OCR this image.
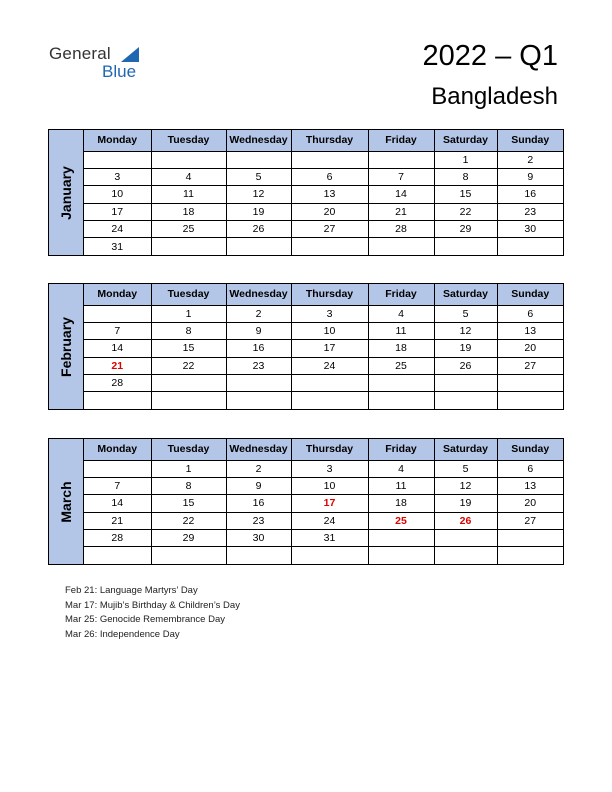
General
Blue	2022 – Q1
Bangladesh
January
Monday	Tuesday	Wednesday	Thursday	Friday	Saturday	Sunday
					1	2
3	4	5	6	7	8	9
10	11	12	13	14	15	16
17	18	19	20	21	22	23
24	25	26	27	28	29	30
31						
February
Monday	Tuesday	Wednesday	Thursday	Friday	Saturday	Sunday
	1	2	3	4	5	6
7	8	9	10	11	12	13
14	15	16	17	18	19	20
21	22	23	24	25	26	27
28						

March
Monday	Tuesday	Wednesday	Thursday	Friday	Saturday	Sunday
	1	2	3	4	5	6
7	8	9	10	11	12	13
14	15	16	17	18	19	20
21	22	23	24	25	26	27
28	29	30	31			

Feb 21: Language Martyrs’ Day
Mar 17: Mujib’s Birthday & Children’s Day
Mar 25: Genocide Remembrance Day
Mar 26: Independence Day
